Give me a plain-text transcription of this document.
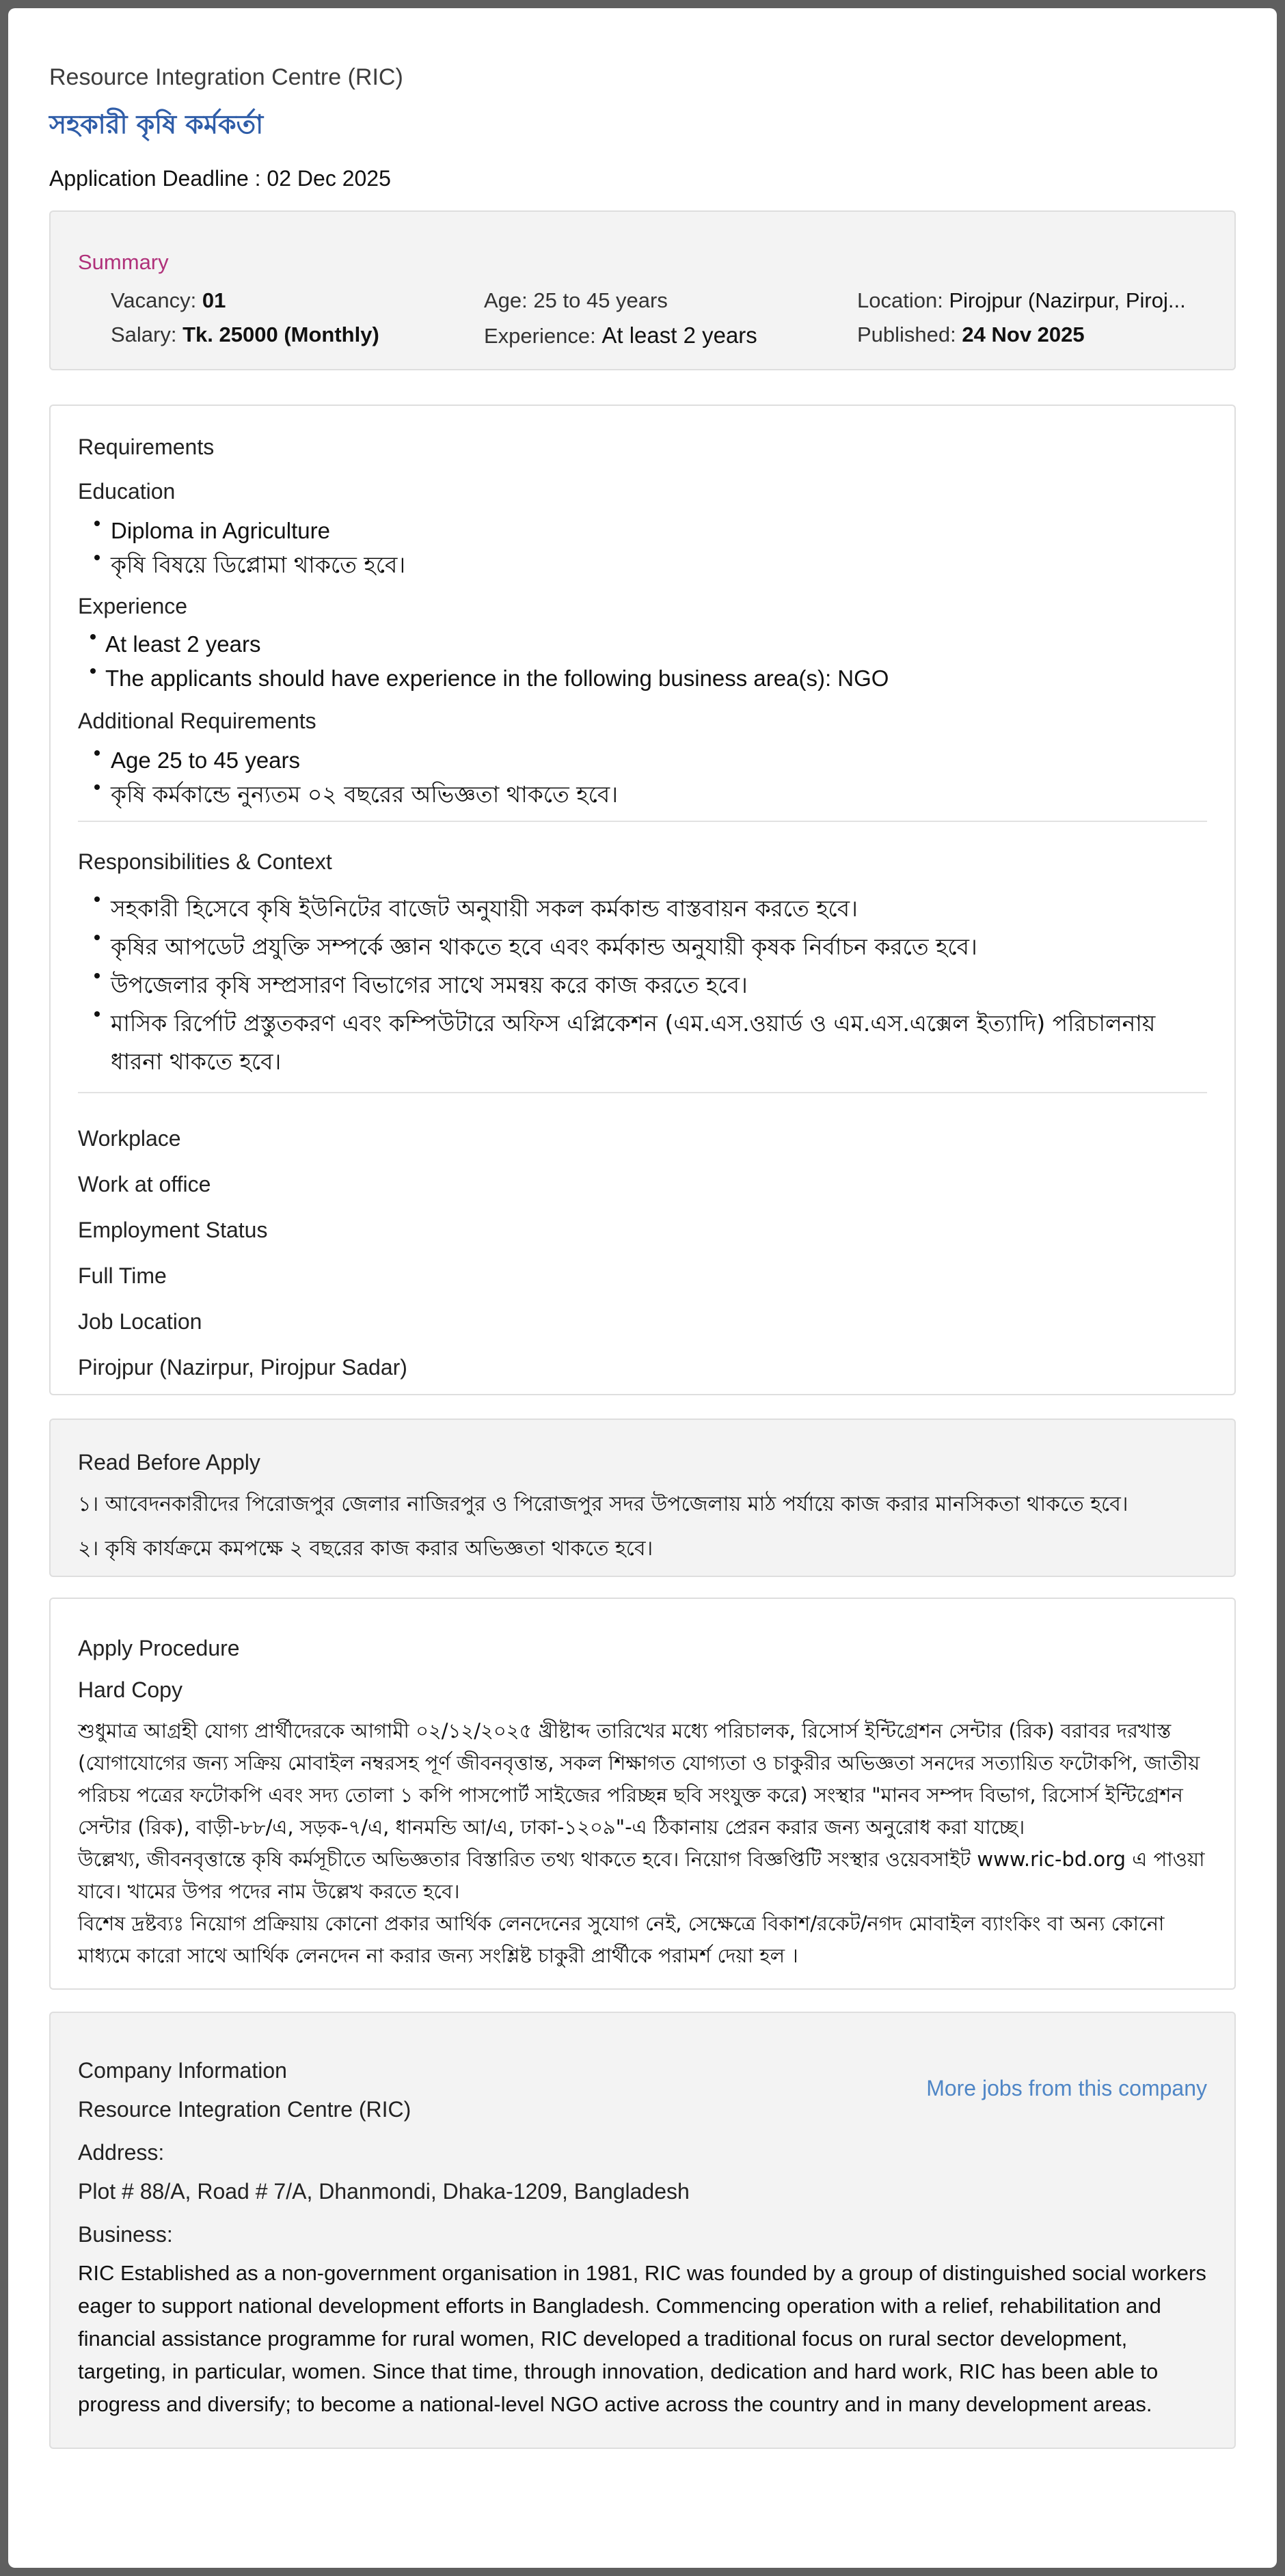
Resource Integration Centre (RIC)
সহকারী কৃষি কর্মকর্তা
Application Deadline : 02 Dec 2025
Summary
Vacancy: 01	Age: 25 to 45 years	Location: Pirojpur (Nazirpur, Piroj...
Salary: Tk. 25000 (Monthly)	Experience: At least 2 years	Published: 24 Nov 2025
Requirements
Education
Diploma in Agriculture
কৃষি বিষয়ে ডিপ্লোমা থাকতে হবে।
Experience
At least 2 years
The applicants should have experience in the following business area(s): NGO
Additional Requirements
Age 25 to 45 years
কৃষি কর্মকান্ডে নুন্যতম ০২ বছরের অভিজ্ঞতা থাকতে হবে।
Responsibilities & Context
সহকারী হিসেবে কৃষি ইউনিটের বাজেট অনুযায়ী সকল কর্মকান্ড বাস্তবায়ন করতে হবে।
কৃষির আপডেট প্রযুক্তি সম্পর্কে জ্ঞান থাকতে হবে এবং কর্মকান্ড অনুযায়ী কৃষক নির্বাচন করতে হবে।
উপজেলার কৃষি সম্প্রসারণ বিভাগের সাথে সমন্বয় করে কাজ করতে হবে।
মাসিক রির্পোট প্রস্তুতকরণ এবং কম্পিউটারে অফিস এপ্লিকেশন (এম.এস.ওয়ার্ড ও এম.এস.এক্সেল ইত্যাদি) পরিচালনায় ধারনা থাকতে হবে।
Workplace
Work at office
Employment Status
Full Time
Job Location
Pirojpur (Nazirpur, Pirojpur Sadar)
Read Before Apply
১। আবেদনকারীদের পিরোজপুর জেলার নাজিরপুর ও পিরোজপুর সদর উপজেলায় মাঠ পর্যায়ে কাজ করার মানসিকতা থাকতে হবে।
২। কৃষি কার্যক্রমে কমপক্ষে ২ বছরের কাজ করার অভিজ্ঞতা থাকতে হবে।
Apply Procedure
Hard Copy
শুধুমাত্র আগ্রহী যোগ্য প্রার্থীদেরকে আগামী ০২/১২/২০২৫ খ্রীষ্টাব্দ তারিখের মধ্যে পরিচালক, রিসোর্স ইন্টিগ্রেশন সেন্টার (রিক) বরাবর দরখাস্ত (যোগাযোগের জন্য সক্রিয় মোবাইল নম্বরসহ পূর্ণ জীবনবৃত্তান্ত, সকল শিক্ষাগত যোগ্যতা ও চাকুরীর অভিজ্ঞতা সনদের সত্যায়িত ফটোকপি, জাতীয় পরিচয় পত্রের ফটোকপি এবং সদ্য তোলা ১ কপি পাসপোর্ট সাইজের পরিচ্ছন্ন ছবি সংযুক্ত করে) সংস্থার "মানব সম্পদ বিভাগ, রিসোর্স ইন্টিগ্রেশন সেন্টার (রিক), বাড়ী-৮৮/এ, সড়ক-৭/এ, ধানমন্ডি আ/এ, ঢাকা-১২০৯"-এ ঠিকানায় প্রেরন করার জন্য অনুরোধ করা যাচ্ছে।
উল্লেখ্য, জীবনবৃত্তান্তে কৃষি কর্মসূচীতে অভিজ্ঞতার বিস্তারিত তথ্য থাকতে হবে। নিয়োগ বিজ্ঞপ্তিটি সংস্থার ওয়েবসাইট www.ric-bd.org এ পাওয়া যাবে। খামের উপর পদের নাম উল্লেখ করতে হবে।
বিশেষ দ্রষ্টব্যঃ নিয়োগ প্রক্রিয়ায় কোনো প্রকার আর্থিক লেনদেনের সুযোগ নেই, সেক্ষেত্রে বিকাশ/রকেট/নগদ মোবাইল ব্যাংকিং বা অন্য কোনো মাধ্যমে কারো সাথে আর্থিক লেনদেন না করার জন্য সংশ্লিষ্ট চাকুরী প্রার্থীকে পরামর্শ দেয়া হল ।
Company Information
Resource Integration Centre (RIC)
More jobs from this company
Address:
Plot # 88/A, Road # 7/A, Dhanmondi, Dhaka-1209, Bangladesh
Business:
RIC Established as a non-government organisation in 1981, RIC was founded by a group of distinguished social workers eager to support national development efforts in Bangladesh. Commencing operation with a relief, rehabilitation and financial assistance programme for rural women, RIC developed a traditional focus on rural sector development, targeting, in particular, women. Since that time, through innovation, dedication and hard work, RIC has been able to progress and diversify; to become a national-level NGO active across the country and in many development areas.
